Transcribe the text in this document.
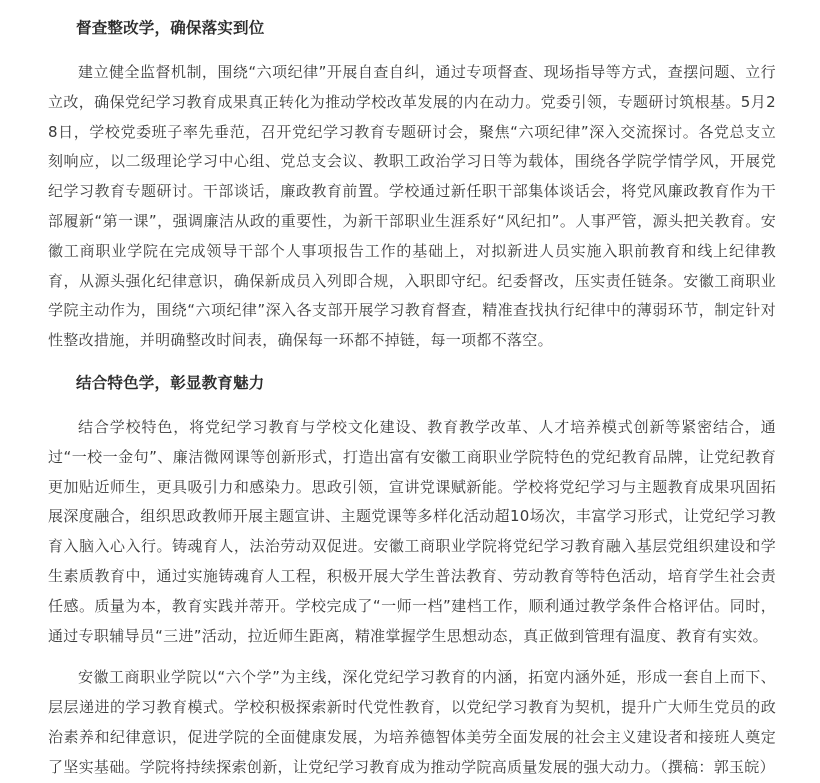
督查整改学，确保落实到位

建立健全监督机制，围绕“六项纪律”开展自查自纠，通过专项督查、现场指导等方式，查摆问题、立行立改，确保党纪学习教育成果真正转化为推动学校改革发展的内在动力。党委引领，专题研讨筑根基。5月28日，学校党委班子率先垂范，召开党纪学习教育专题研讨会，聚焦“六项纪律”深入交流探讨。各党总支立刻响应，以二级理论学习中心组、党总支会议、教职工政治学习日等为载体，围绕各学院学情学风，开展党纪学习教育专题研讨。干部谈话，廉政教育前置。学校通过新任职干部集体谈话会，将党风廉政教育作为干部履新“第一课”，强调廉洁从政的重要性，为新干部职业生涯系好“风纪扣”。人事严管，源头把关教育。安徽工商职业学院在完成领导干部个人事项报告工作的基础上，对拟新进人员实施入职前教育和线上纪律教育，从源头强化纪律意识，确保新成员入列即合规，入职即守纪。纪委督改，压实责任链条。安徽工商职业学院主动作为，围绕“六项纪律”深入各支部开展学习教育督查，精准查找执行纪律中的薄弱环节，制定针对性整改措施，并明确整改时间表，确保每一环都不掉链，每一项都不落空。

结合特色学，彰显教育魅力

结合学校特色，将党纪学习教育与学校文化建设、教育教学改革、人才培养模式创新等紧密结合，通过“一校一金句”、廉洁微网课等创新形式，打造出富有安徽工商职业学院特色的党纪教育品牌，让党纪教育更加贴近师生，更具吸引力和感染力。思政引领，宣讲党课赋新能。学校将党纪学习与主题教育成果巩固拓展深度融合，组织思政教师开展主题宣讲、主题党课等多样化活动超10场次，丰富学习形式，让党纪学习教育入脑入心入行。铸魂育人，法治劳动双促进。安徽工商职业学院将党纪学习教育融入基层党组织建设和学生素质教育中，通过实施铸魂育人工程，积极开展大学生普法教育、劳动教育等特色活动，培育学生社会责任感。质量为本，教育实践并蒂开。学校完成了“一师一档”建档工作，顺利通过教学条件合格评估。同时，通过专职辅导员“三进”活动，拉近师生距离，精准掌握学生思想动态，真正做到管理有温度、教育有实效。

安徽工商职业学院以“六个学”为主线，深化党纪学习教育的内涵，拓宽内涵外延，形成一套自上而下、层层递进的学习教育模式。学校积极探索新时代党性教育，以党纪学习教育为契机，提升广大师生党员的政治素养和纪律意识，促进学院的全面健康发展，为培养德智体美劳全面发展的社会主义建设者和接班人奠定了坚实基础。学院将持续探索创新，让党纪学习教育成为推动学院高质量发展的强大动力。（撰稿：郭玉皖）
